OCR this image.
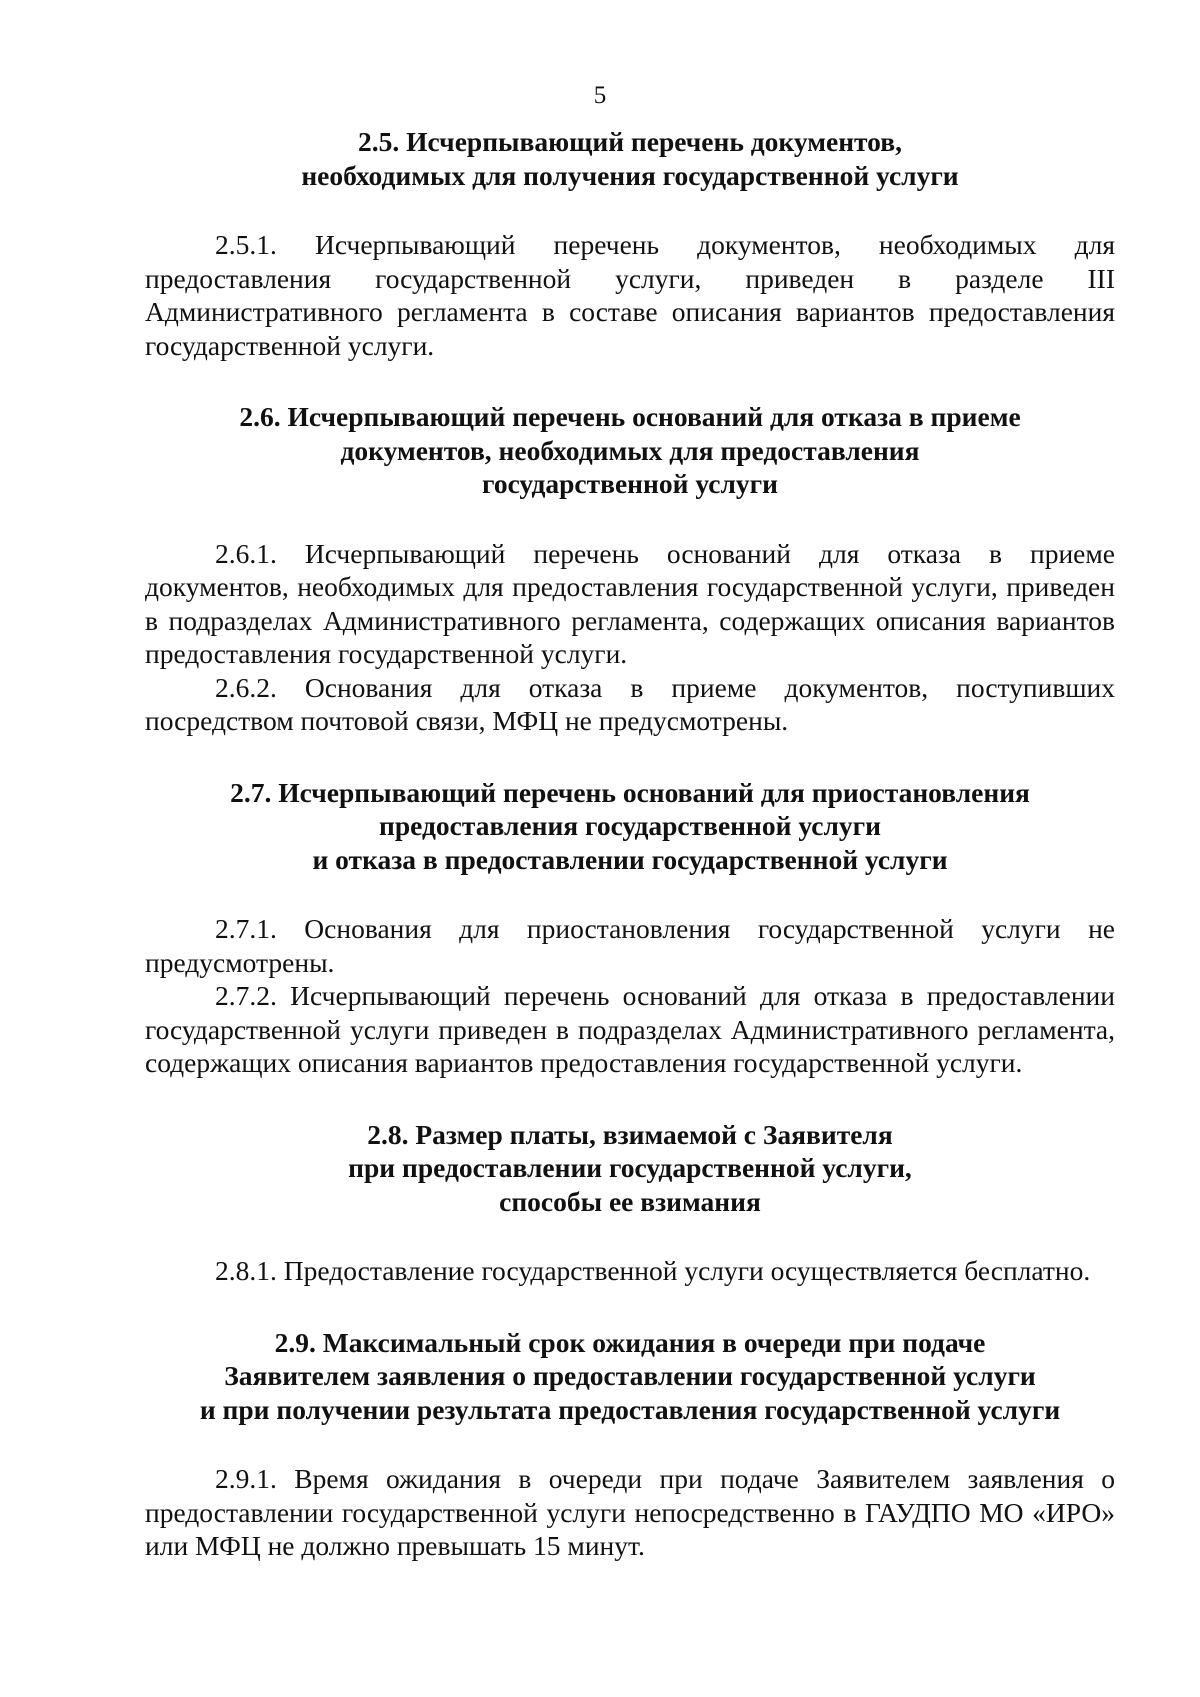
5
2.5. Исчерпывающий перечень документов,
необходимых для получения государственной услуги

2.5.1. Исчерпывающий перечень документов, необходимых для предоставления государственной услуги, приведен в разделе III Административного регламента в составе описания вариантов предоставления государственной услуги.

2.6. Исчерпывающий перечень оснований для отказа в приеме
документов, необходимых для предоставления
государственной услуги

2.6.1. Исчерпывающий перечень оснований для отказа в приеме документов, необходимых для предоставления государственной услуги, приведен в подразделах Административного регламента, содержащих описания вариантов предоставления государственной услуги.

2.6.2. Основания для отказа в приеме документов, поступивших посредством почтовой связи, МФЦ не предусмотрены.

2.7. Исчерпывающий перечень оснований для приостановления
предоставления государственной услуги
и отказа в предоставлении государственной услуги

2.7.1. Основания для приостановления государственной услуги не предусмотрены.

2.7.2. Исчерпывающий перечень оснований для отказа в предоставлении государственной услуги приведен в подразделах Административного регламента, содержащих описания вариантов предоставления государственной услуги.

2.8. Размер платы, взимаемой с Заявителя
при предоставлении государственной услуги,
способы ее взимания

2.8.1. Предоставление государственной услуги осуществляется бесплатно.

2.9. Максимальный срок ожидания в очереди при подаче
Заявителем заявления о предоставлении государственной услуги
и при получении результата предоставления государственной услуги

2.9.1. Время ожидания в очереди при подаче Заявителем заявления о предоставлении государственной услуги непосредственно в ГАУДПО МО «ИРО» или МФЦ не должно превышать 15 минут.
